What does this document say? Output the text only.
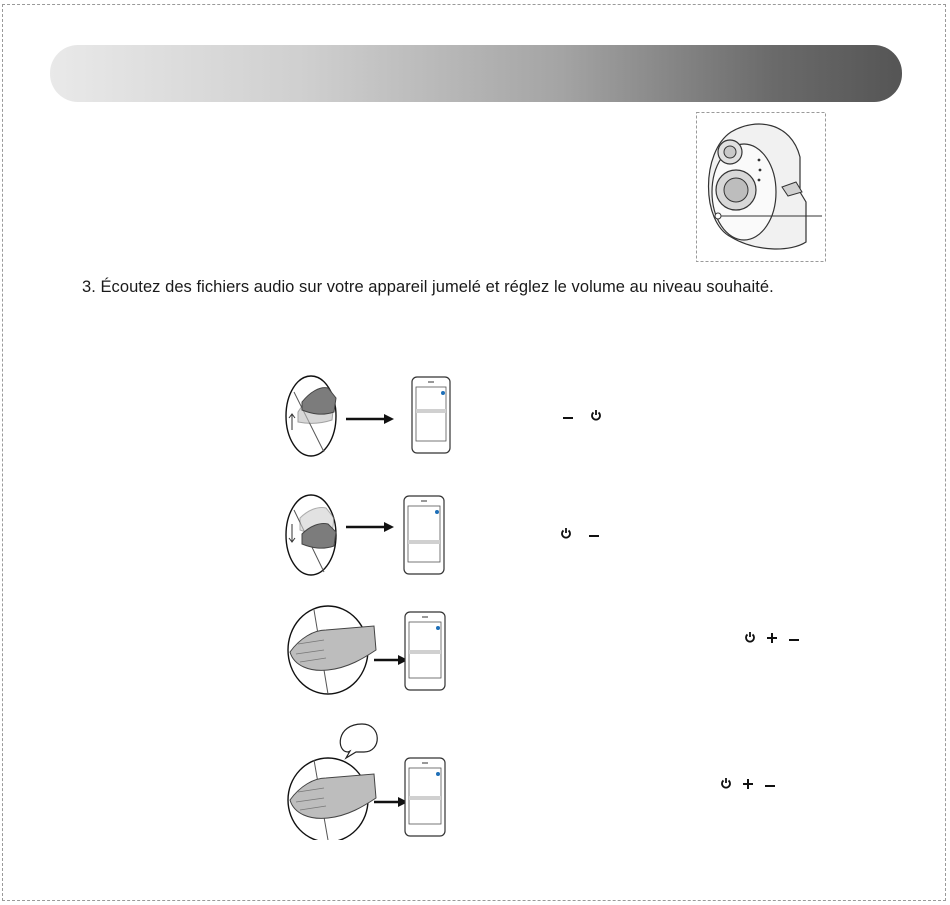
3. Écoutez des fichiers audio sur votre appareil jumelé et réglez le volume au niveau souhaité.
